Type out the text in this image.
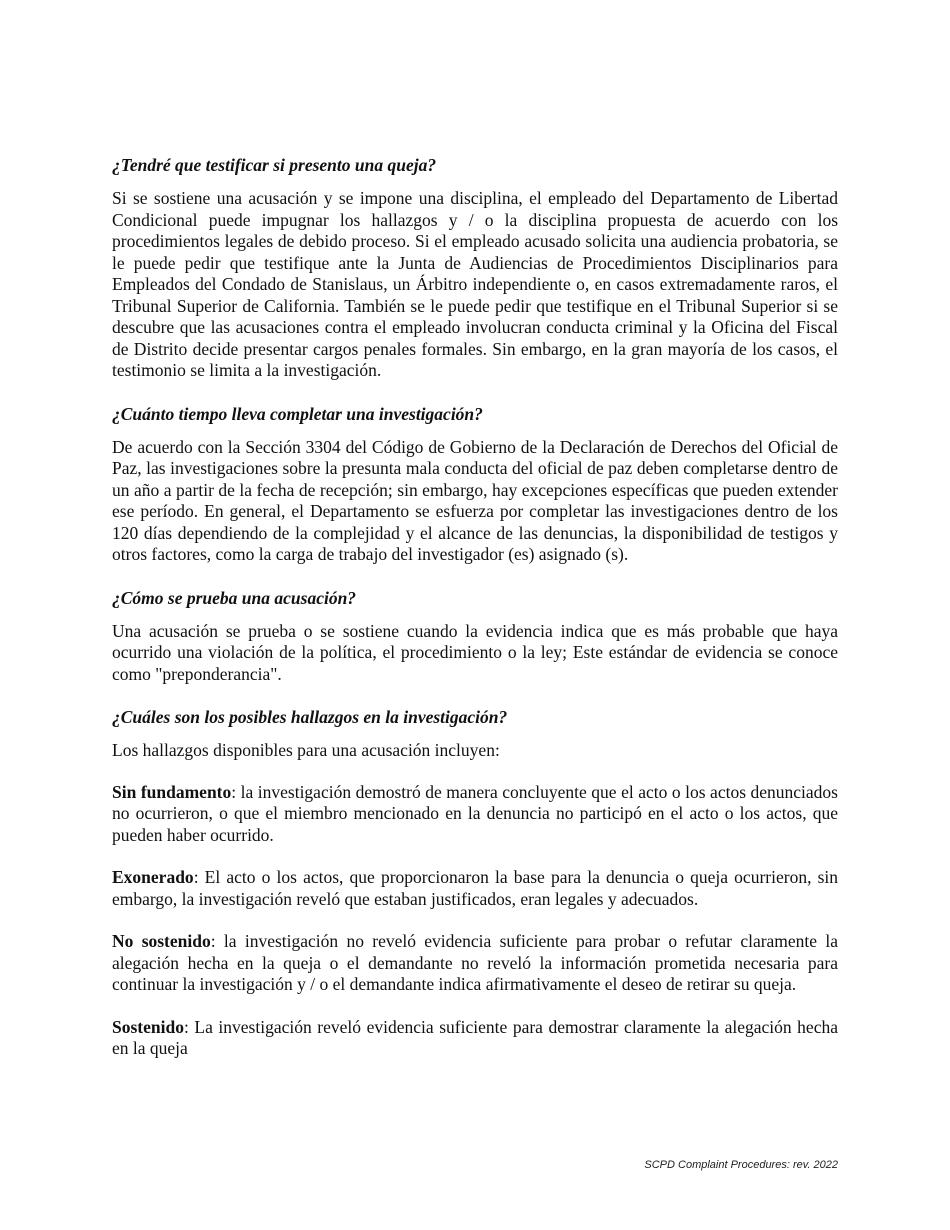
¿Tendré que testificar si presento una queja?

Si se sostiene una acusación y se impone una disciplina, el empleado del Departamento de Libertad Condicional puede impugnar los hallazgos y / o la disciplina propuesta de acuerdo con los procedimientos legales de debido proceso. Si el empleado acusado solicita una audiencia probatoria, se le puede pedir que testifique ante la Junta de Audiencias de Procedimientos Disciplinarios para Empleados del Condado de Stanislaus, un Árbitro independiente o, en casos extremadamente raros, el Tribunal Superior de California. También se le puede pedir que testifique en el Tribunal Superior si se descubre que las acusaciones contra el empleado involucran conducta criminal y la Oficina del Fiscal de Distrito decide presentar cargos penales formales. Sin embargo, en la gran mayoría de los casos, el testimonio se limita a la investigación.

¿Cuánto tiempo lleva completar una investigación?

De acuerdo con la Sección 3304 del Código de Gobierno de la Declaración de Derechos del Oficial de Paz, las investigaciones sobre la presunta mala conducta del oficial de paz deben completarse dentro de un año a partir de la fecha de recepción; sin embargo, hay excepciones específicas que pueden extender ese período. En general, el Departamento se esfuerza por completar las investigaciones dentro de los 120 días dependiendo de la complejidad y el alcance de las denuncias, la disponibilidad de testigos y otros factores, como la carga de trabajo del investigador (es) asignado (s).

¿Cómo se prueba una acusación?

Una acusación se prueba o se sostiene cuando la evidencia indica que es más probable que haya ocurrido una violación de la política, el procedimiento o la ley; Este estándar de evidencia se conoce como "preponderancia".

¿Cuáles son los posibles hallazgos en la investigación?

Los hallazgos disponibles para una acusación incluyen:

Sin fundamento: la investigación demostró de manera concluyente que el acto o los actos denunciados no ocurrieron, o que el miembro mencionado en la denuncia no participó en el acto o los actos, que pueden haber ocurrido.

Exonerado: El acto o los actos, que proporcionaron la base para la denuncia o queja ocurrieron, sin embargo, la investigación reveló que estaban justificados, eran legales y adecuados.

No sostenido: la investigación no reveló evidencia suficiente para probar o refutar claramente la alegación hecha en la queja o el demandante no reveló la información prometida necesaria para continuar la investigación y / o el demandante indica afirmativamente el deseo de retirar su queja.

Sostenido: La investigación reveló evidencia suficiente para demostrar claramente la alegación hecha en la queja

SCPD Complaint Procedures: rev. 2022
